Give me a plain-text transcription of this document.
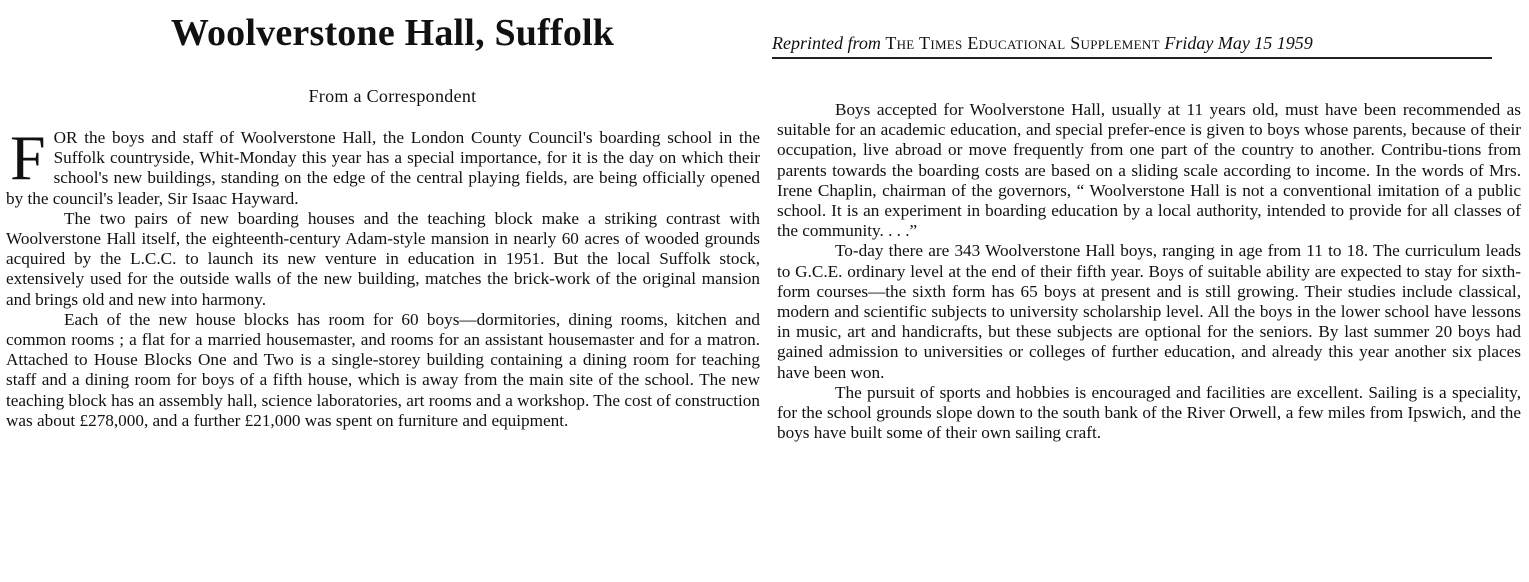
Woolverstone Hall, Suffolk	Reprinted from The Times Educational Supplement Friday May 15 1959
From a Correspondent

FOR the boys and staff of Woolverstone Hall, the London County Council's boarding school in the Suffolk countryside, Whit-Monday this year has a special importance, for it is the day on which their school's new buildings, standing on the edge of the central playing fields, are being officially opened by the council's leader, Sir Isaac Hayward.

The two pairs of new boarding houses and the teaching block make a striking contrast with Woolverstone Hall itself, the eighteenth-century Adam-style mansion in nearly 60 acres of wooded grounds acquired by the L.C.C. to launch its new venture in education in 1951. But the local Suffolk stock, extensively used for the outside walls of the new building, matches the brick-work of the original mansion and brings old and new into harmony.

Each of the new house blocks has room for 60 boys—dormitories, dining rooms, kitchen and common rooms ; a flat for a married housemaster, and rooms for an assistant housemaster and for a matron. Attached to House Blocks One and Two is a single-storey building containing a dining room for teaching staff and a dining room for boys of a fifth house, which is away from the main site of the school. The new teaching block has an assembly hall, science laboratories, art rooms and a workshop. The cost of construction was about £278,000, and a further £21,000 was spent on furniture and equipment.

Boys accepted for Woolverstone Hall, usually at 11 years old, must have been recommended as suitable for an academic education, and special prefer-ence is given to boys whose parents, because of their occupation, live abroad or move frequently from one part of the country to another. Contribu-tions from parents towards the boarding costs are based on a sliding scale according to income. In the words of Mrs. Irene Chaplin, chairman of the governors, “ Woolverstone Hall is not a conventional imitation of a public school. It is an experiment in boarding education by a local authority, intended to provide for all classes of the community. . . .”

To-day there are 343 Woolverstone Hall boys, ranging in age from 11 to 18. The curriculum leads to G.C.E. ordinary level at the end of their fifth year. Boys of suitable ability are expected to stay for sixth-form courses—the sixth form has 65 boys at present and is still growing. Their studies include classical, modern and scientific subjects to university scholarship level. All the boys in the lower school have lessons in music, art and handicrafts, but these subjects are optional for the seniors. By last summer 20 boys had gained admission to universities or colleges of further education, and already this year another six places have been won.

The pursuit of sports and hobbies is encouraged and facilities are excellent. Sailing is a speciality, for the school grounds slope down to the south bank of the River Orwell, a few miles from Ipswich, and the boys have built some of their own sailing craft.
